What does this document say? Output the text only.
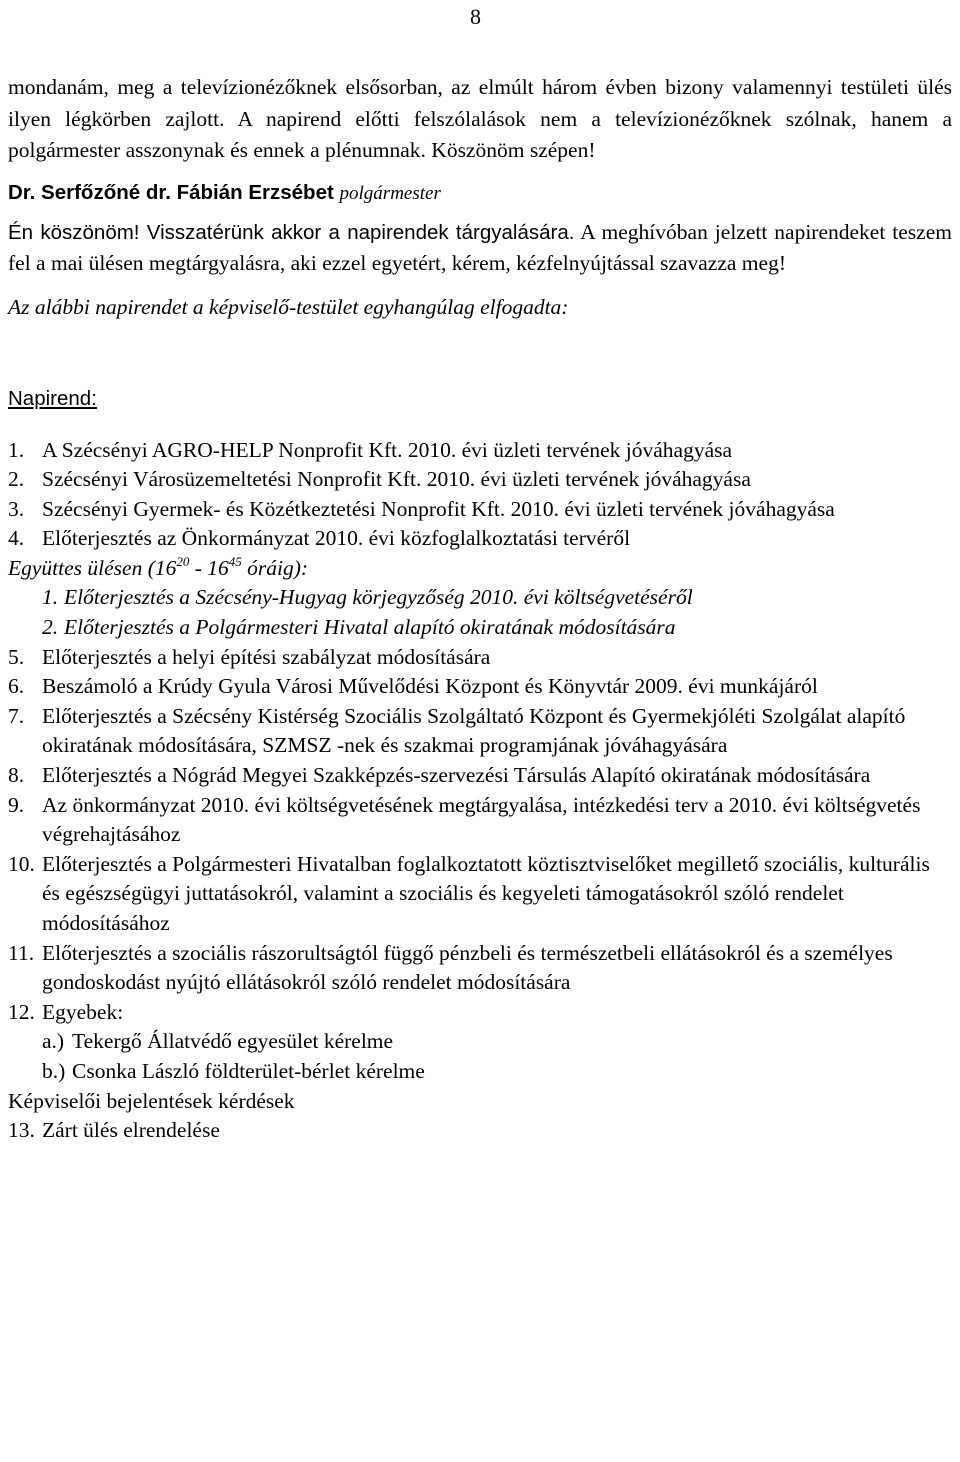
8

mondanám, meg a televízionézőknek elsősorban, az elmúlt három évben bizony valamennyi testületi ülés ilyen légkörben zajlott. A napirend előtti felszólalások nem a televízionézőknek szólnak, hanem a polgármester asszonynak és ennek a plénumnak. Köszönöm szépen!

Dr. Serfőzőné dr. Fábián Erzsébet polgármester

Én köszönöm! Visszatérünk akkor a napirendek tárgyalására. A meghívóban jelzett napirendeket teszem fel a mai ülésen megtárgyalásra, aki ezzel egyetért, kérem, kézfelnyújtással szavazza meg!

Az alábbi napirendet a képviselő-testület egyhangúlag elfogadta:

Napirend:

1. A Szécsényi AGRO-HELP Nonprofit Kft. 2010. évi üzleti tervének jóváhagyása
2. Szécsényi Városüzemeltetési Nonprofit Kft. 2010. évi üzleti tervének jóváhagyása
3. Szécsényi Gyermek- és Közétkeztetési Nonprofit Kft. 2010. évi üzleti tervének jóváhagyása
4. Előterjesztés az Önkormányzat 2010. évi közfoglalkoztatási tervéről
Együttes ülésen ($16^{20} - 16^{45}$ óráig):
1. Előterjesztés a Szécsény-Hugyag körjegyzőség 2010. évi költségvetéséről
2. Előterjesztés a Polgármesteri Hivatal alapító okiratának módosítására
5. Előterjesztés a helyi építési szabályzat módosítására
6. Beszámoló a Krúdy Gyula Városi Művelődési Központ és Könyvtár 2009. évi munkájáról
7. Előterjesztés a Szécsény Kistérség Szociális Szolgáltató Központ és Gyermekjóléti Szolgálat alapító okiratának módosítására, SZMSZ -nek és szakmai programjának jóváhagyására
8. Előterjesztés a Nógrád Megyei Szakképzés-szervezési Társulás Alapító okiratának módosítására
9. Az önkormányzat 2010. évi költségvetésének megtárgyalása, intézkedési terv a 2010. évi költségvetés végrehajtásához
10. Előterjesztés a Polgármesteri Hivatalban foglalkoztatott köztisztviselőket megillető szociális, kulturális és egészségügyi juttatásokról, valamint a szociális és kegyeleti támogatásokról szóló rendelet módosításához
11. Előterjesztés a szociális rászorultságtól függő pénzbeli és természetbeli ellátásokról és a személyes gondoskodást nyújtó ellátásokról szóló rendelet módosítására
12. Egyebek:
a.) Tekergő Állatvédő egyesület kérelme
b.) Csonka László földterület-bérlet kérelme
Képviselői bejelentések kérdések
13. Zárt ülés elrendelése
